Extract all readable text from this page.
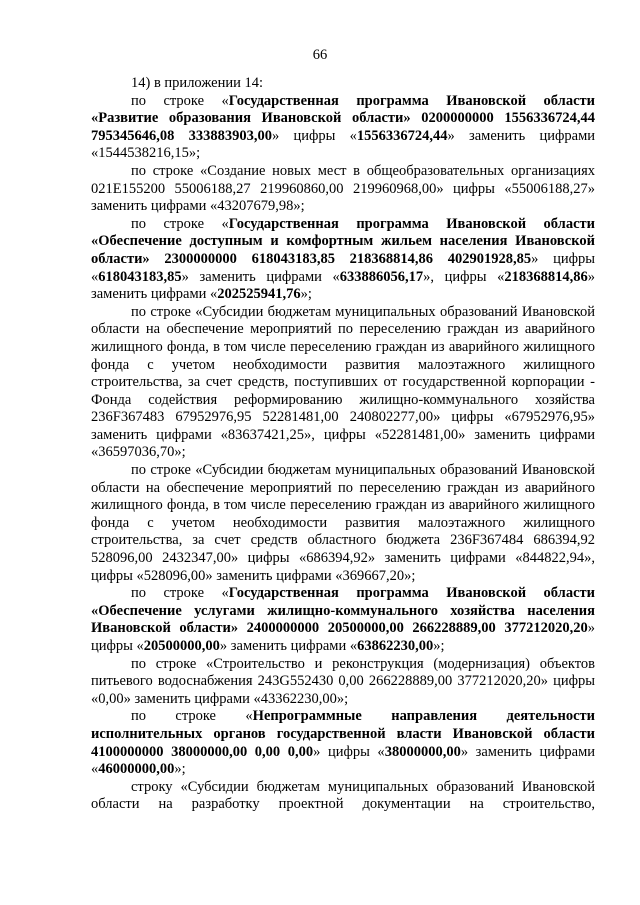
66

14) в приложении 14:

по строке «Государственная программа Ивановской области «Развитие образования Ивановской области» 0200000000 1556336724,44 795345646,08 333883903,00» цифры «1556336724,44» заменить цифрами «1544538216,15»;

по строке «Создание новых мест в общеобразовательных организациях 021E155200 55006188,27 219960860,00 219960968,00» цифры «55006188,27» заменить цифрами «43207679,98»;

по строке «Государственная программа Ивановской области «Обеспечение доступным и комфортным жильем населения Ивановской области» 2300000000 618043183,85 218368814,86 402901928,85» цифры «618043183,85» заменить цифрами «633886056,17», цифры «218368814,86» заменить цифрами «202525941,76»;

по строке «Субсидии бюджетам муниципальных образований Ивановской области на обеспечение мероприятий по переселению граждан из аварийного жилищного фонда, в том числе переселению граждан из аварийного жилищного фонда с учетом необходимости развития малоэтажного жилищного строительства, за счет средств, поступивших от государственной корпорации - Фонда содействия реформированию жилищно-коммунального хозяйства 236F367483 67952976,95 52281481,00 240802277,00» цифры «67952976,95» заменить цифрами «83637421,25», цифры «52281481,00» заменить цифрами «36597036,70»;

по строке «Субсидии бюджетам муниципальных образований Ивановской области на обеспечение мероприятий по переселению граждан из аварийного жилищного фонда, в том числе переселению граждан из аварийного жилищного фонда с учетом необходимости развития малоэтажного жилищного строительства, за счет средств областного бюджета 236F367484 686394,92 528096,00 2432347,00» цифры «686394,92» заменить цифрами «844822,94», цифры «528096,00» заменить цифрами «369667,20»;

по строке «Государственная программа Ивановской области «Обеспечение услугами жилищно-коммунального хозяйства населения Ивановской области» 2400000000 20500000,00 266228889,00 377212020,20» цифры «20500000,00» заменить цифрами «63862230,00»;

по строке «Строительство и реконструкция (модернизация) объектов питьевого водоснабжения 243G552430 0,00 266228889,00 377212020,20» цифры «0,00» заменить цифрами «43362230,00»;

по строке «Непрограммные направления деятельности исполнительных органов государственной власти Ивановской области 4100000000 38000000,00 0,00 0,00» цифры «38000000,00» заменить цифрами «46000000,00»;

строку «Субсидии бюджетам муниципальных образований Ивановской области на разработку проектной документации на строительство,
